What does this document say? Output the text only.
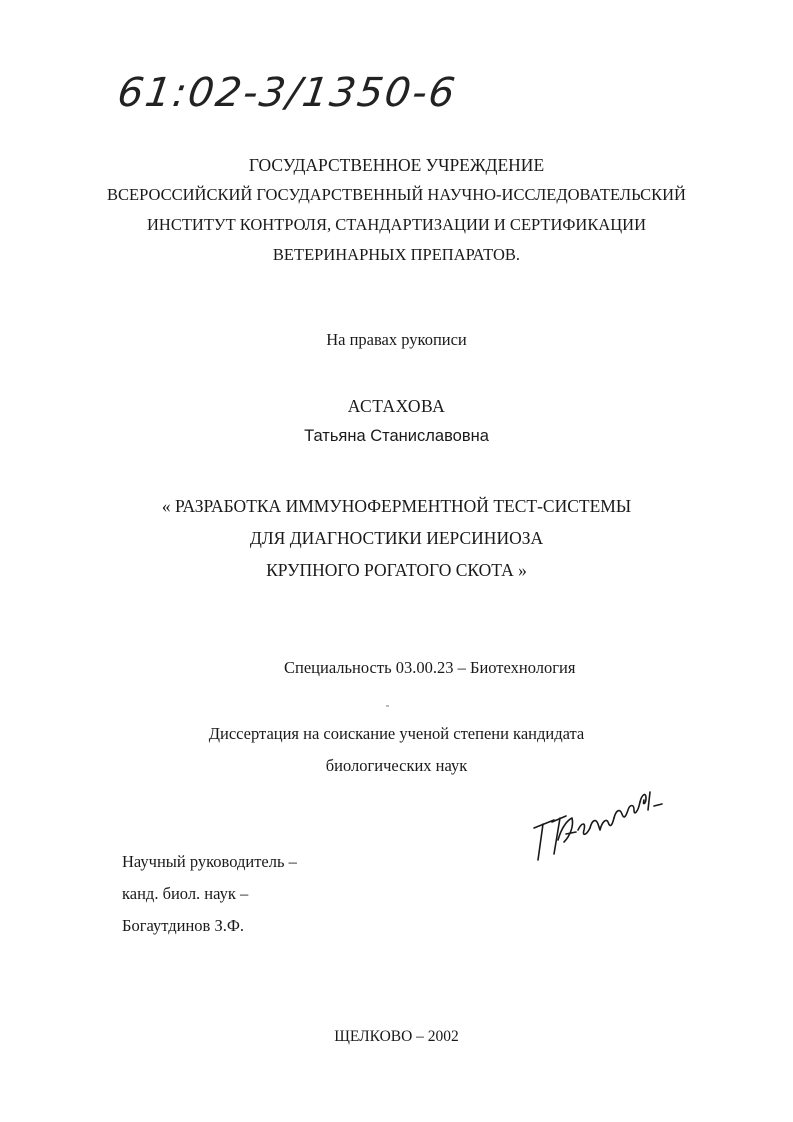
61:02-3/1350-6
ГОСУДАРСТВЕННОЕ УЧРЕЖДЕНИЕ
ВСЕРОССИЙСКИЙ ГОСУДАРСТВЕННЫЙ НАУЧНО-ИССЛЕДОВАТЕЛЬСКИЙ
ИНСТИТУТ КОНТРОЛЯ, СТАНДАРТИЗАЦИИ И СЕРТИФИКАЦИИ
ВЕТЕРИНАРНЫХ ПРЕПАРАТОВ.
На правах рукописи
АСТАХОВА
Татьяна Станиславовна
« РАЗРАБОТКА ИММУНОФЕРМЕНТНОЙ ТЕСТ-СИСТЕМЫ
ДЛЯ ДИАГНОСТИКИ ИЕРСИНИОЗА
КРУПНОГО РОГАТОГО СКОТА »
Специальность 03.00.23 – Биотехнология
Диссертация на соискание ученой степени кандидата
биологических наук
Научный руководитель –
канд. биол. наук –
Богаутдинов З.Ф.
ЩЕЛКОВО – 2002
